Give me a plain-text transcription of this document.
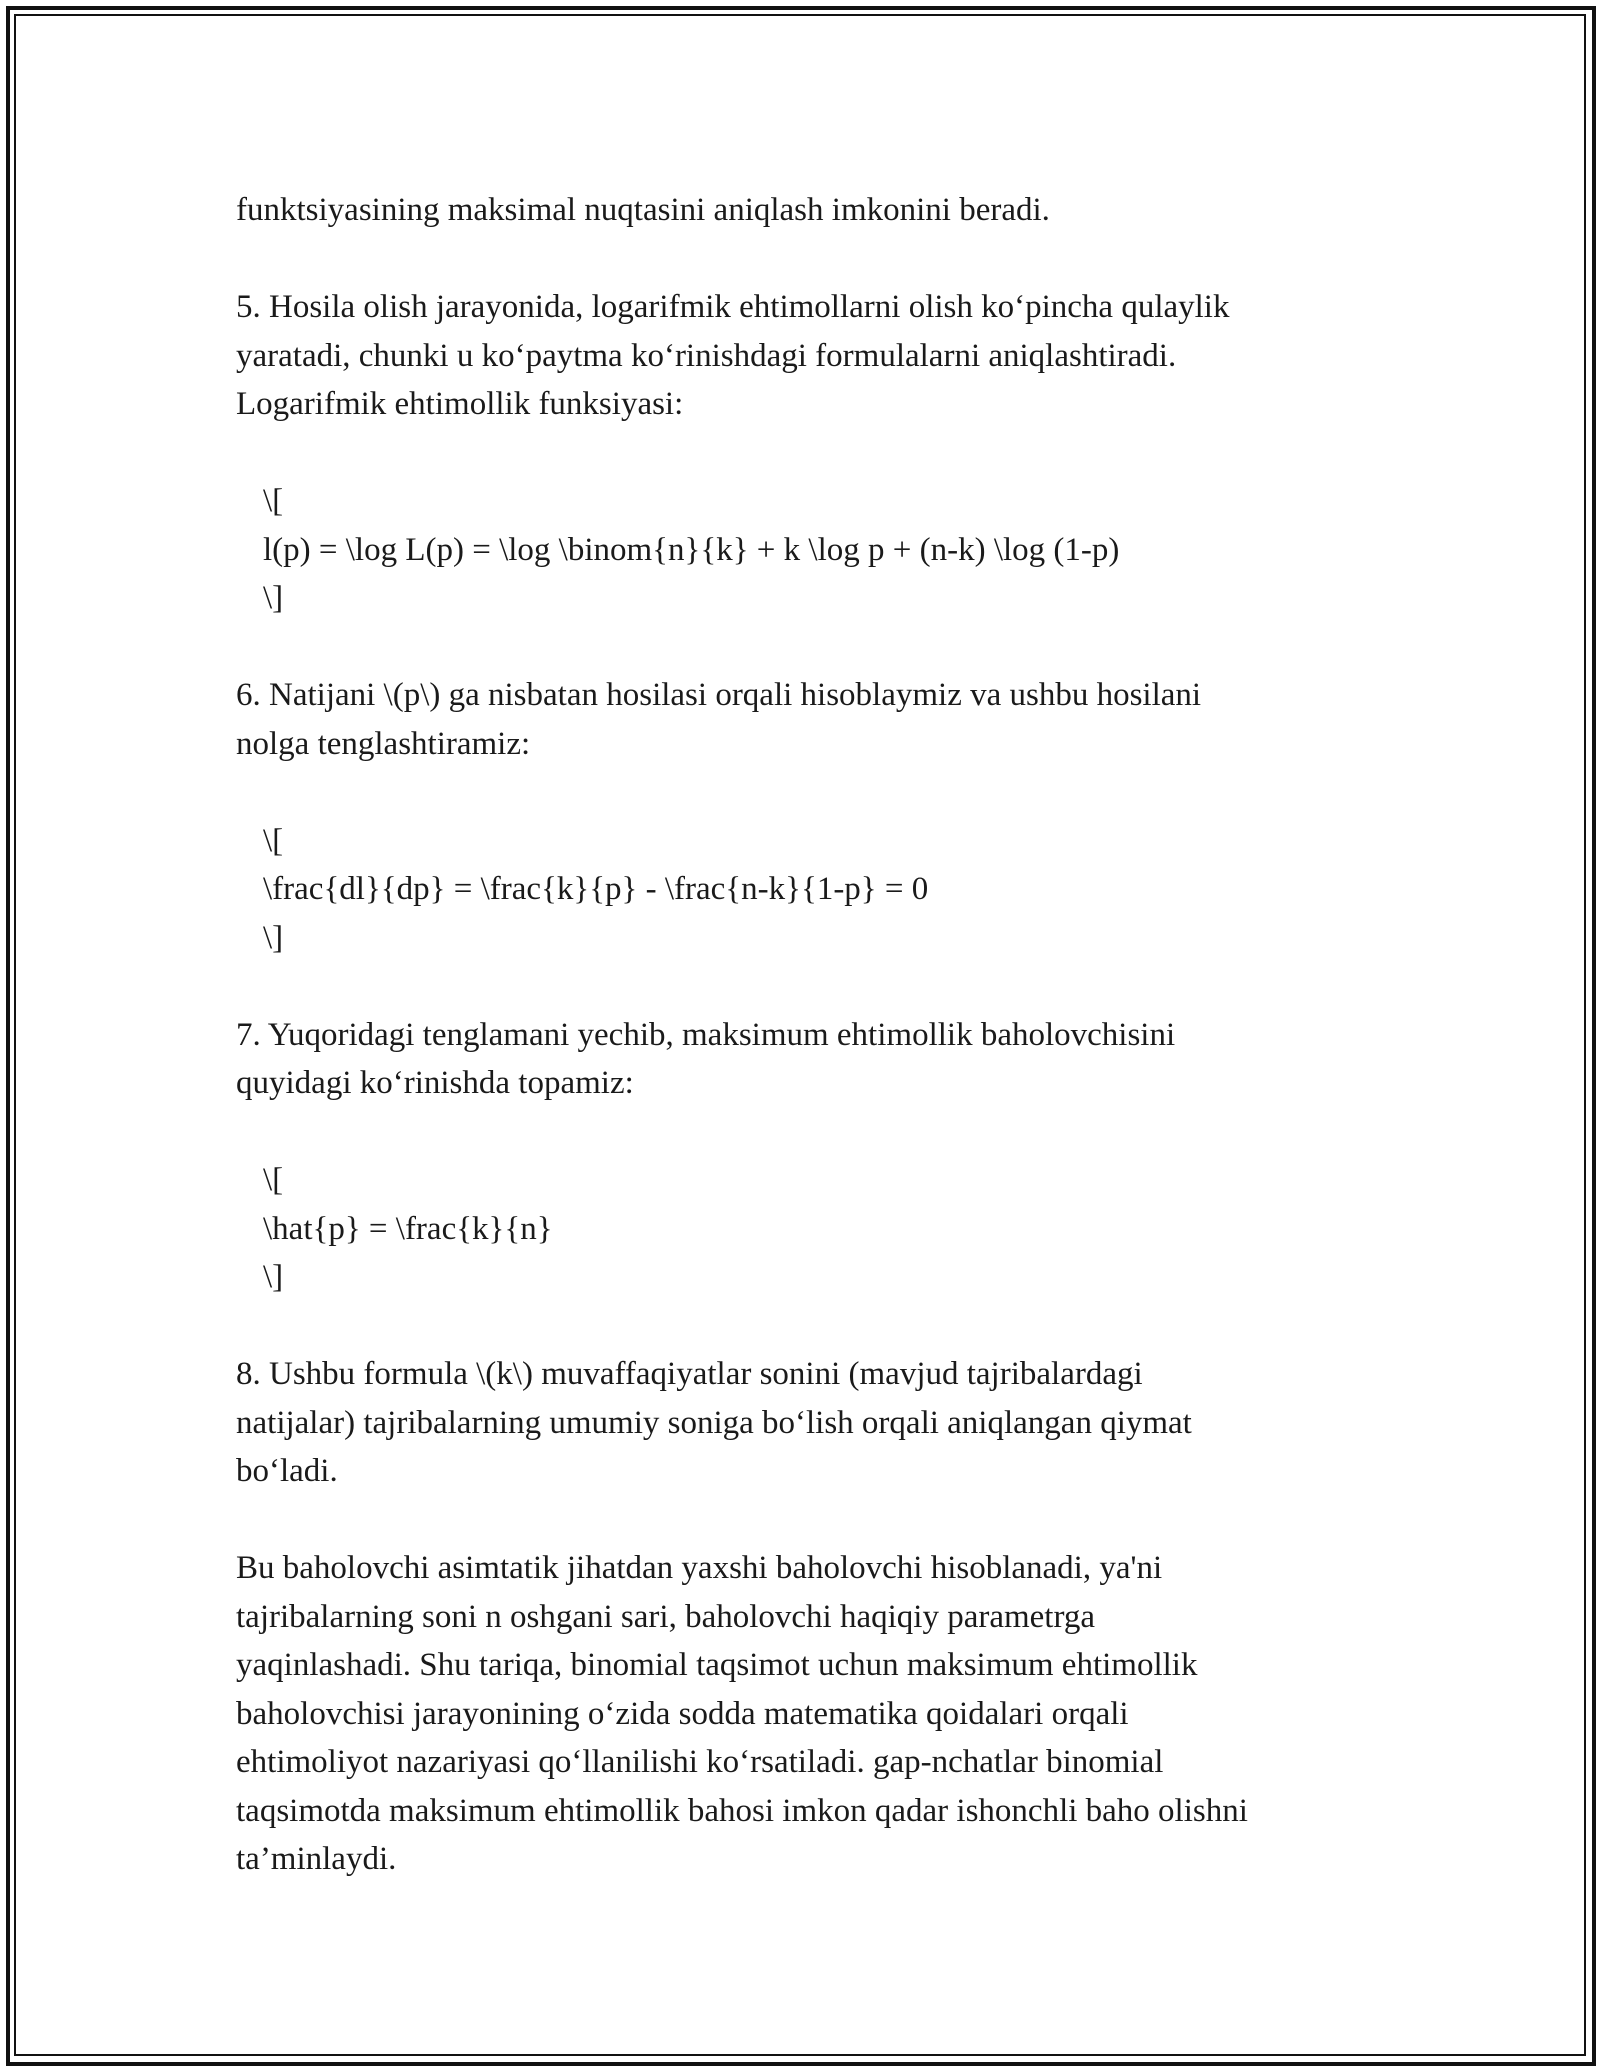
funktsiyasining maksimal nuqtasini aniqlash imkonini beradi.
5. Hosila olish jarayonida, logarifmik ehtimollarni olish ko‘pincha qulaylik
yaratadi, chunki u ko‘paytma ko‘rinishdagi formulalarni aniqlashtiradi.
Logarifmik ehtimollik funksiyasi:
\[
l(p) = \log L(p) = \log \binom{n}{k} + k \log p + (n-k) \log (1-p)
\]
6. Natijani \(p\) ga nisbatan hosilasi orqali hisoblaymiz va ushbu hosilani
nolga tenglashtiramiz:
\[
\frac{dl}{dp} = \frac{k}{p} - \frac{n-k}{1-p} = 0
\]
7. Yuqoridagi tenglamani yechib, maksimum ehtimollik baholovchisini
quyidagi ko‘rinishda topamiz:
\[
\hat{p} = \frac{k}{n}
\]
8. Ushbu formula \(k\) muvaffaqiyatlar sonini (mavjud tajribalardagi
natijalar) tajribalarning umumiy soniga bo‘lish orqali aniqlangan qiymat
bo‘ladi.
Bu baholovchi asimtatik jihatdan yaxshi baholovchi hisoblanadi, ya'ni
tajribalarning soni n oshgani sari, baholovchi haqiqiy parametrga
yaqinlashadi. Shu tariqa, binomial taqsimot uchun maksimum ehtimollik
baholovchisi jarayonining o‘zida sodda matematika qoidalari orqali
ehtimoliyot nazariyasi qo‘llanilishi ko‘rsatiladi. gap-nchatlar binomial
taqsimotda maksimum ehtimollik bahosi imkon qadar ishonchli baho olishni
ta’minlaydi.
